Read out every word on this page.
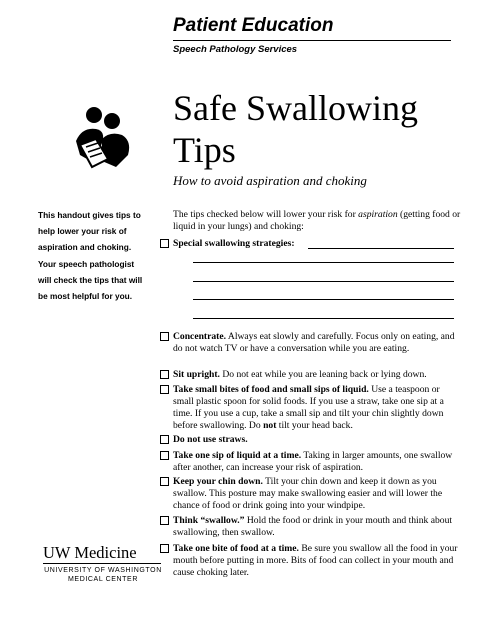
Patient Education
Speech Pathology Services
Safe Swallowing
Tips
How to avoid aspiration and choking
This handout gives tips to
help lower your risk of
aspiration and choking.
Your speech pathologist
will check the tips that will
be most helpful for you.
The tips checked below will lower your risk for aspiration (getting food or liquid in your lungs) and choking:
Special swallowing strategies:
Concentrate. Always eat slowly and carefully. Focus only on eating, and do not watch TV or have a conversation while you are eating.
Sit upright. Do not eat while you are leaning back or lying down.
Take small bites of food and small sips of liquid. Use a teaspoon or small plastic spoon for solid foods. If you use a straw, take one sip at a time. If you use a cup, take a small sip and tilt your chin slightly down before swallowing. Do not tilt your head back.
Do not use straws.
Take one sip of liquid at a time. Taking in larger amounts, one swallow after another, can increase your risk of aspiration.
Keep your chin down. Tilt your chin down and keep it down as you swallow. This posture may make swallowing easier and will lower the chance of food or drink going into your windpipe.
Think “swallow.” Hold the food or drink in your mouth and think about swallowing, then swallow.
Take one bite of food at a time. Be sure you swallow all the food in your mouth before putting in more. Bits of food can collect in your mouth and cause choking later.
UW Medicine
UNIVERSITY OF WASHINGTON
MEDICAL CENTER
